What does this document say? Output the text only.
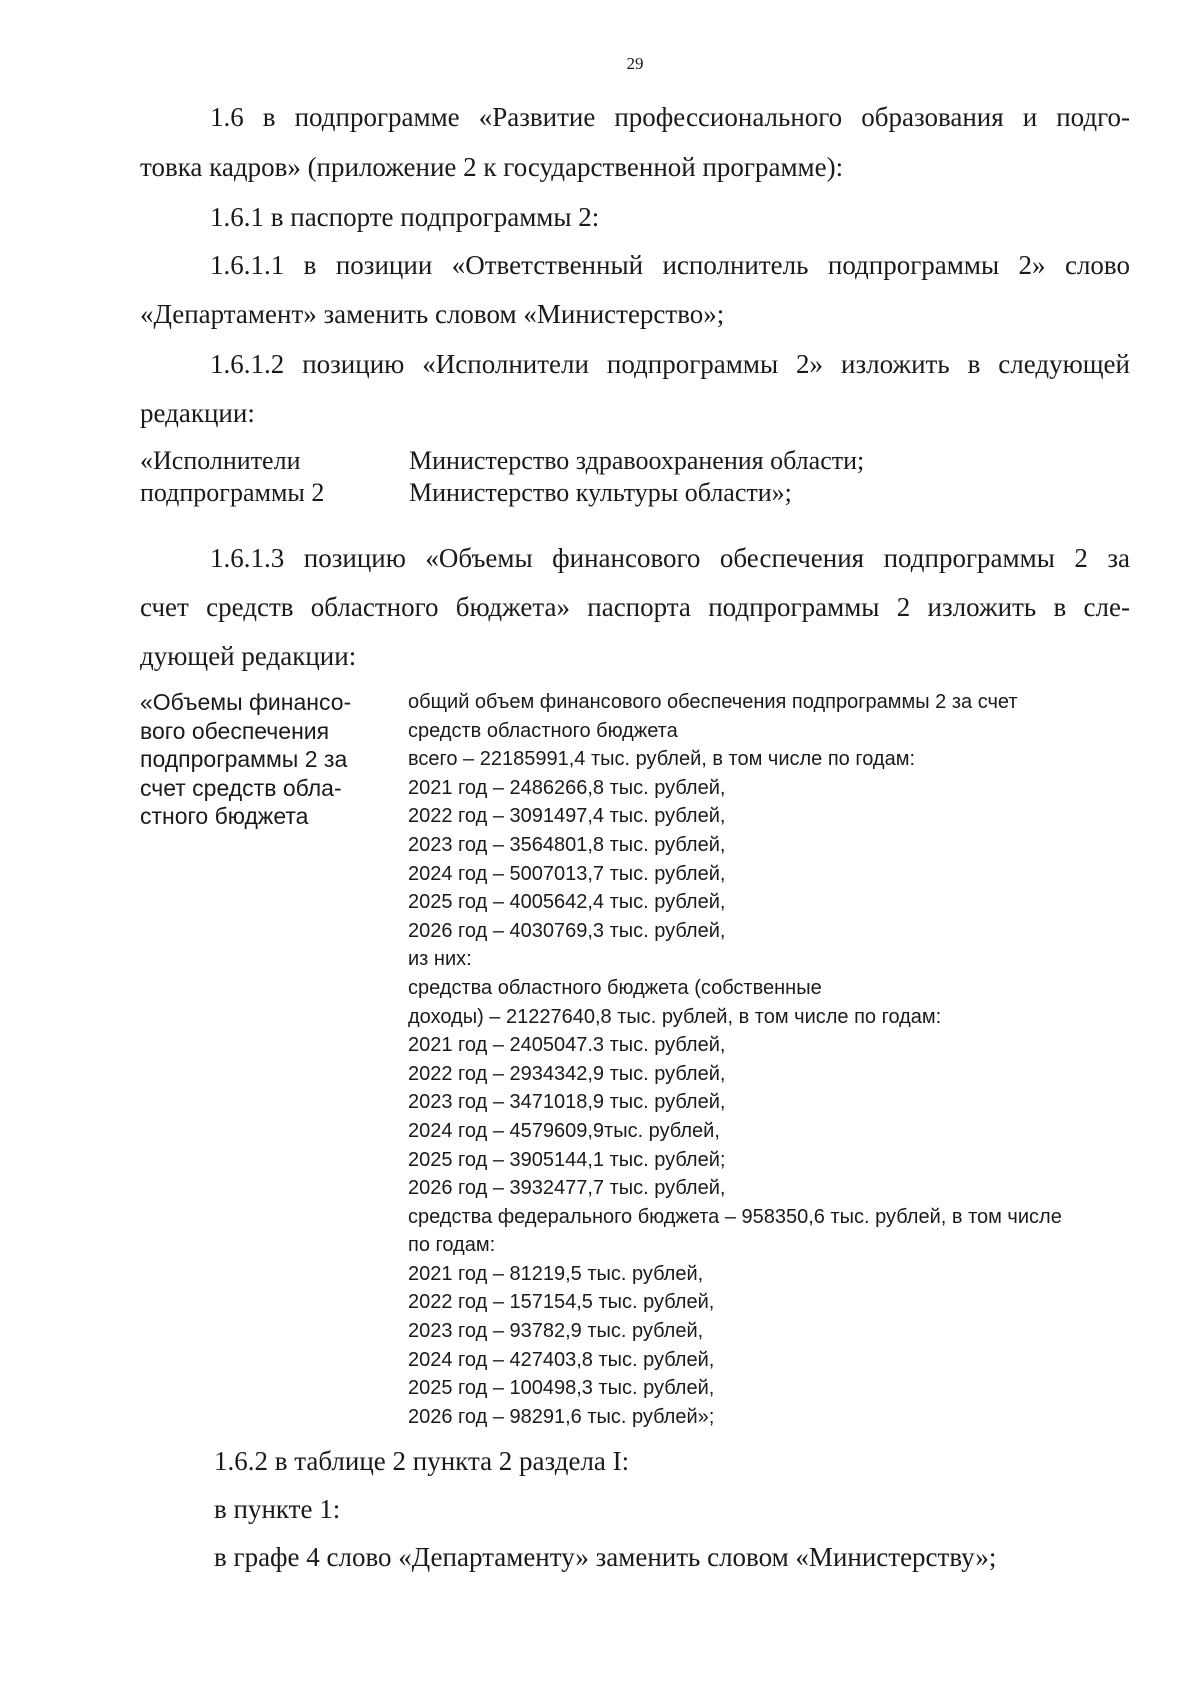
29
1.6 в подпрограмме «Развитие профессионального образования и подго-
товка кадров» (приложение 2 к государственной программе):
1.6.1 в паспорте подпрограммы 2:
1.6.1.1 в позиции «Ответственный исполнитель подпрограммы 2» слово
«Департамент» заменить словом «Министерство»;
1.6.1.2 позицию «Исполнители подпрограммы 2» изложить в следующей
редакции:
«Исполнители
подпрограммы 2
Министерство здравоохранения области;
Министерство культуры области»;
1.6.1.3 позицию «Объемы финансового обеспечения подпрограммы 2 за
счет средств областного бюджета» паспорта подпрограммы 2 изложить в сле-
дующей редакции:
«Объемы финансо-
вого обеспечения
подпрограммы 2 за
счет средств обла-
стного бюджета
общий объем финансового обеспечения подпрограммы 2 за счет
средств областного бюджета
всего – 22185991,4 тыс. рублей, в том числе по годам:
2021 год – 2486266,8 тыс. рублей,
2022 год – 3091497,4 тыс. рублей,
2023 год – 3564801,8 тыс. рублей,
2024 год – 5007013,7 тыс. рублей,
2025 год – 4005642,4 тыс. рублей,
2026 год – 4030769,3 тыс. рублей,
из них:
средства областного бюджета (собственные
доходы) – 21227640,8 тыс. рублей, в том числе по годам:
2021 год – 2405047.3 тыс. рублей,
2022 год – 2934342,9 тыс. рублей,
2023 год – 3471018,9 тыс. рублей,
2024 год – 4579609,9тыс. рублей,
2025 год – 3905144,1 тыс. рублей;
2026 год – 3932477,7 тыс. рублей,
средства федерального бюджета – 958350,6 тыс. рублей, в том числе
по годам:
2021 год – 81219,5 тыс. рублей,
2022 год – 157154,5 тыс. рублей,
2023 год – 93782,9 тыс. рублей,
2024 год – 427403,8 тыс. рублей,
2025 год – 100498,3 тыс. рублей,
2026 год – 98291,6 тыс. рублей»;
1.6.2 в таблице 2 пункта 2 раздела I:
в пункте 1:
в графе 4 слово «Департаменту» заменить словом «Министерству»;
